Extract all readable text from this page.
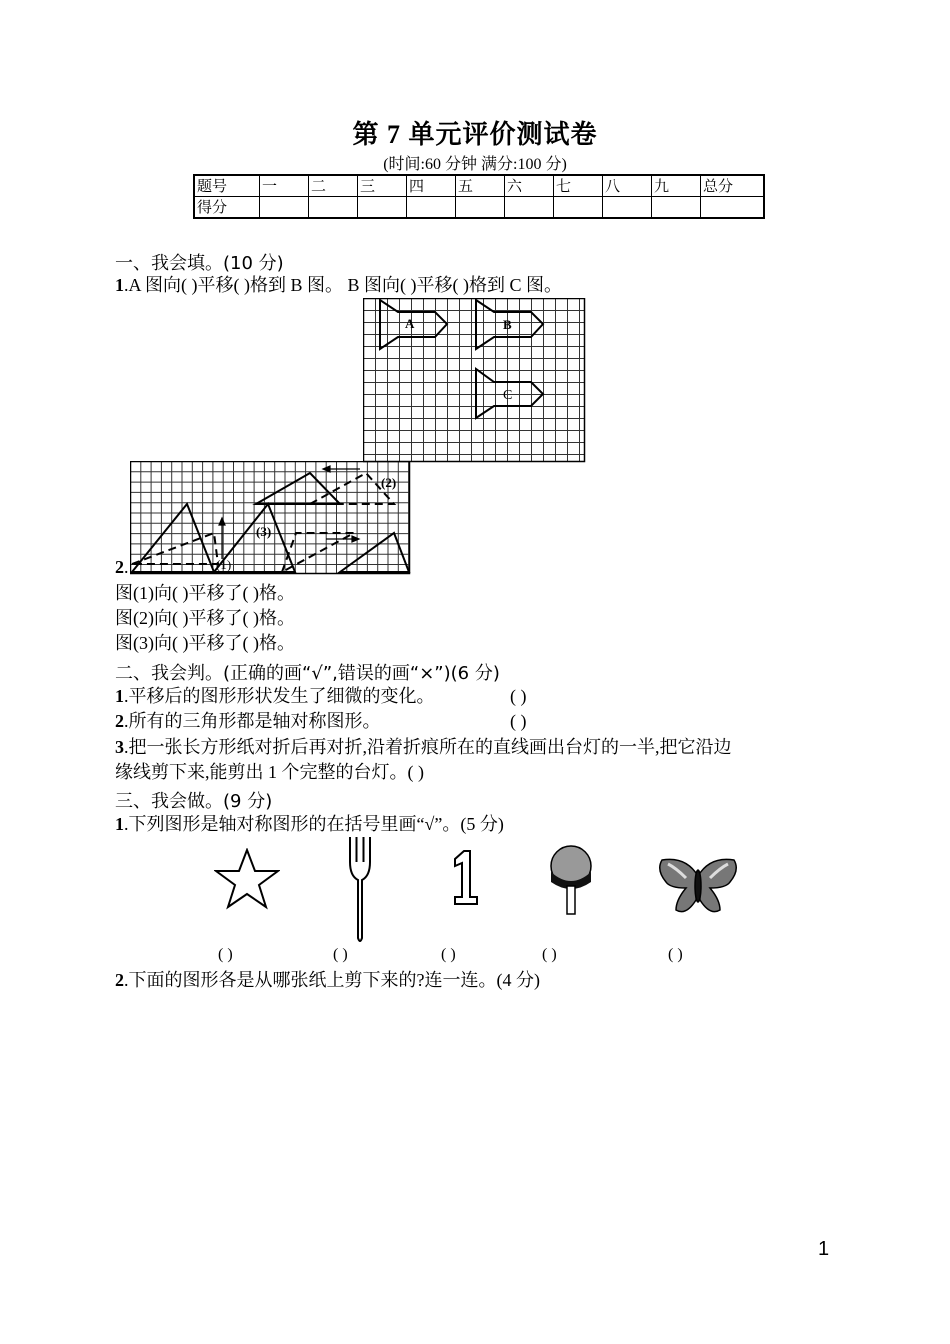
第 7 单元评价测试卷
(时间:60 分钟 满分:100 分)
题号	一	二	三	四	五	六	七	八	九	总分
得分										
一、我会填。(10 分)
1.A 图向( )平移( )格到 B 图。 B 图向( )平移( )格到 C 图。
A	B
C
(1)
(2)
(3)
2.
图(1)向( )平移了( )格。
图(2)向( )平移了( )格。
图(3)向( )平移了( )格。
二、我会判。(正确的画“√”,错误的画“×”)(6 分)
1.平移后的图形形状发生了细微的变化。	( )
2.所有的三角形都是轴对称图形。	( )
3.把一张长方形纸对折后再对折,沿着折痕所在的直线画出台灯的一半,把它沿边
缘线剪下来,能剪出 1 个完整的台灯。( )
三、我会做。(9 分)
1.下列图形是轴对称图形的在括号里画“√”。(5 分)
( )	( )	( )	( )	( )
2.下面的图形各是从哪张纸上剪下来的?连一连。(4 分)
1
